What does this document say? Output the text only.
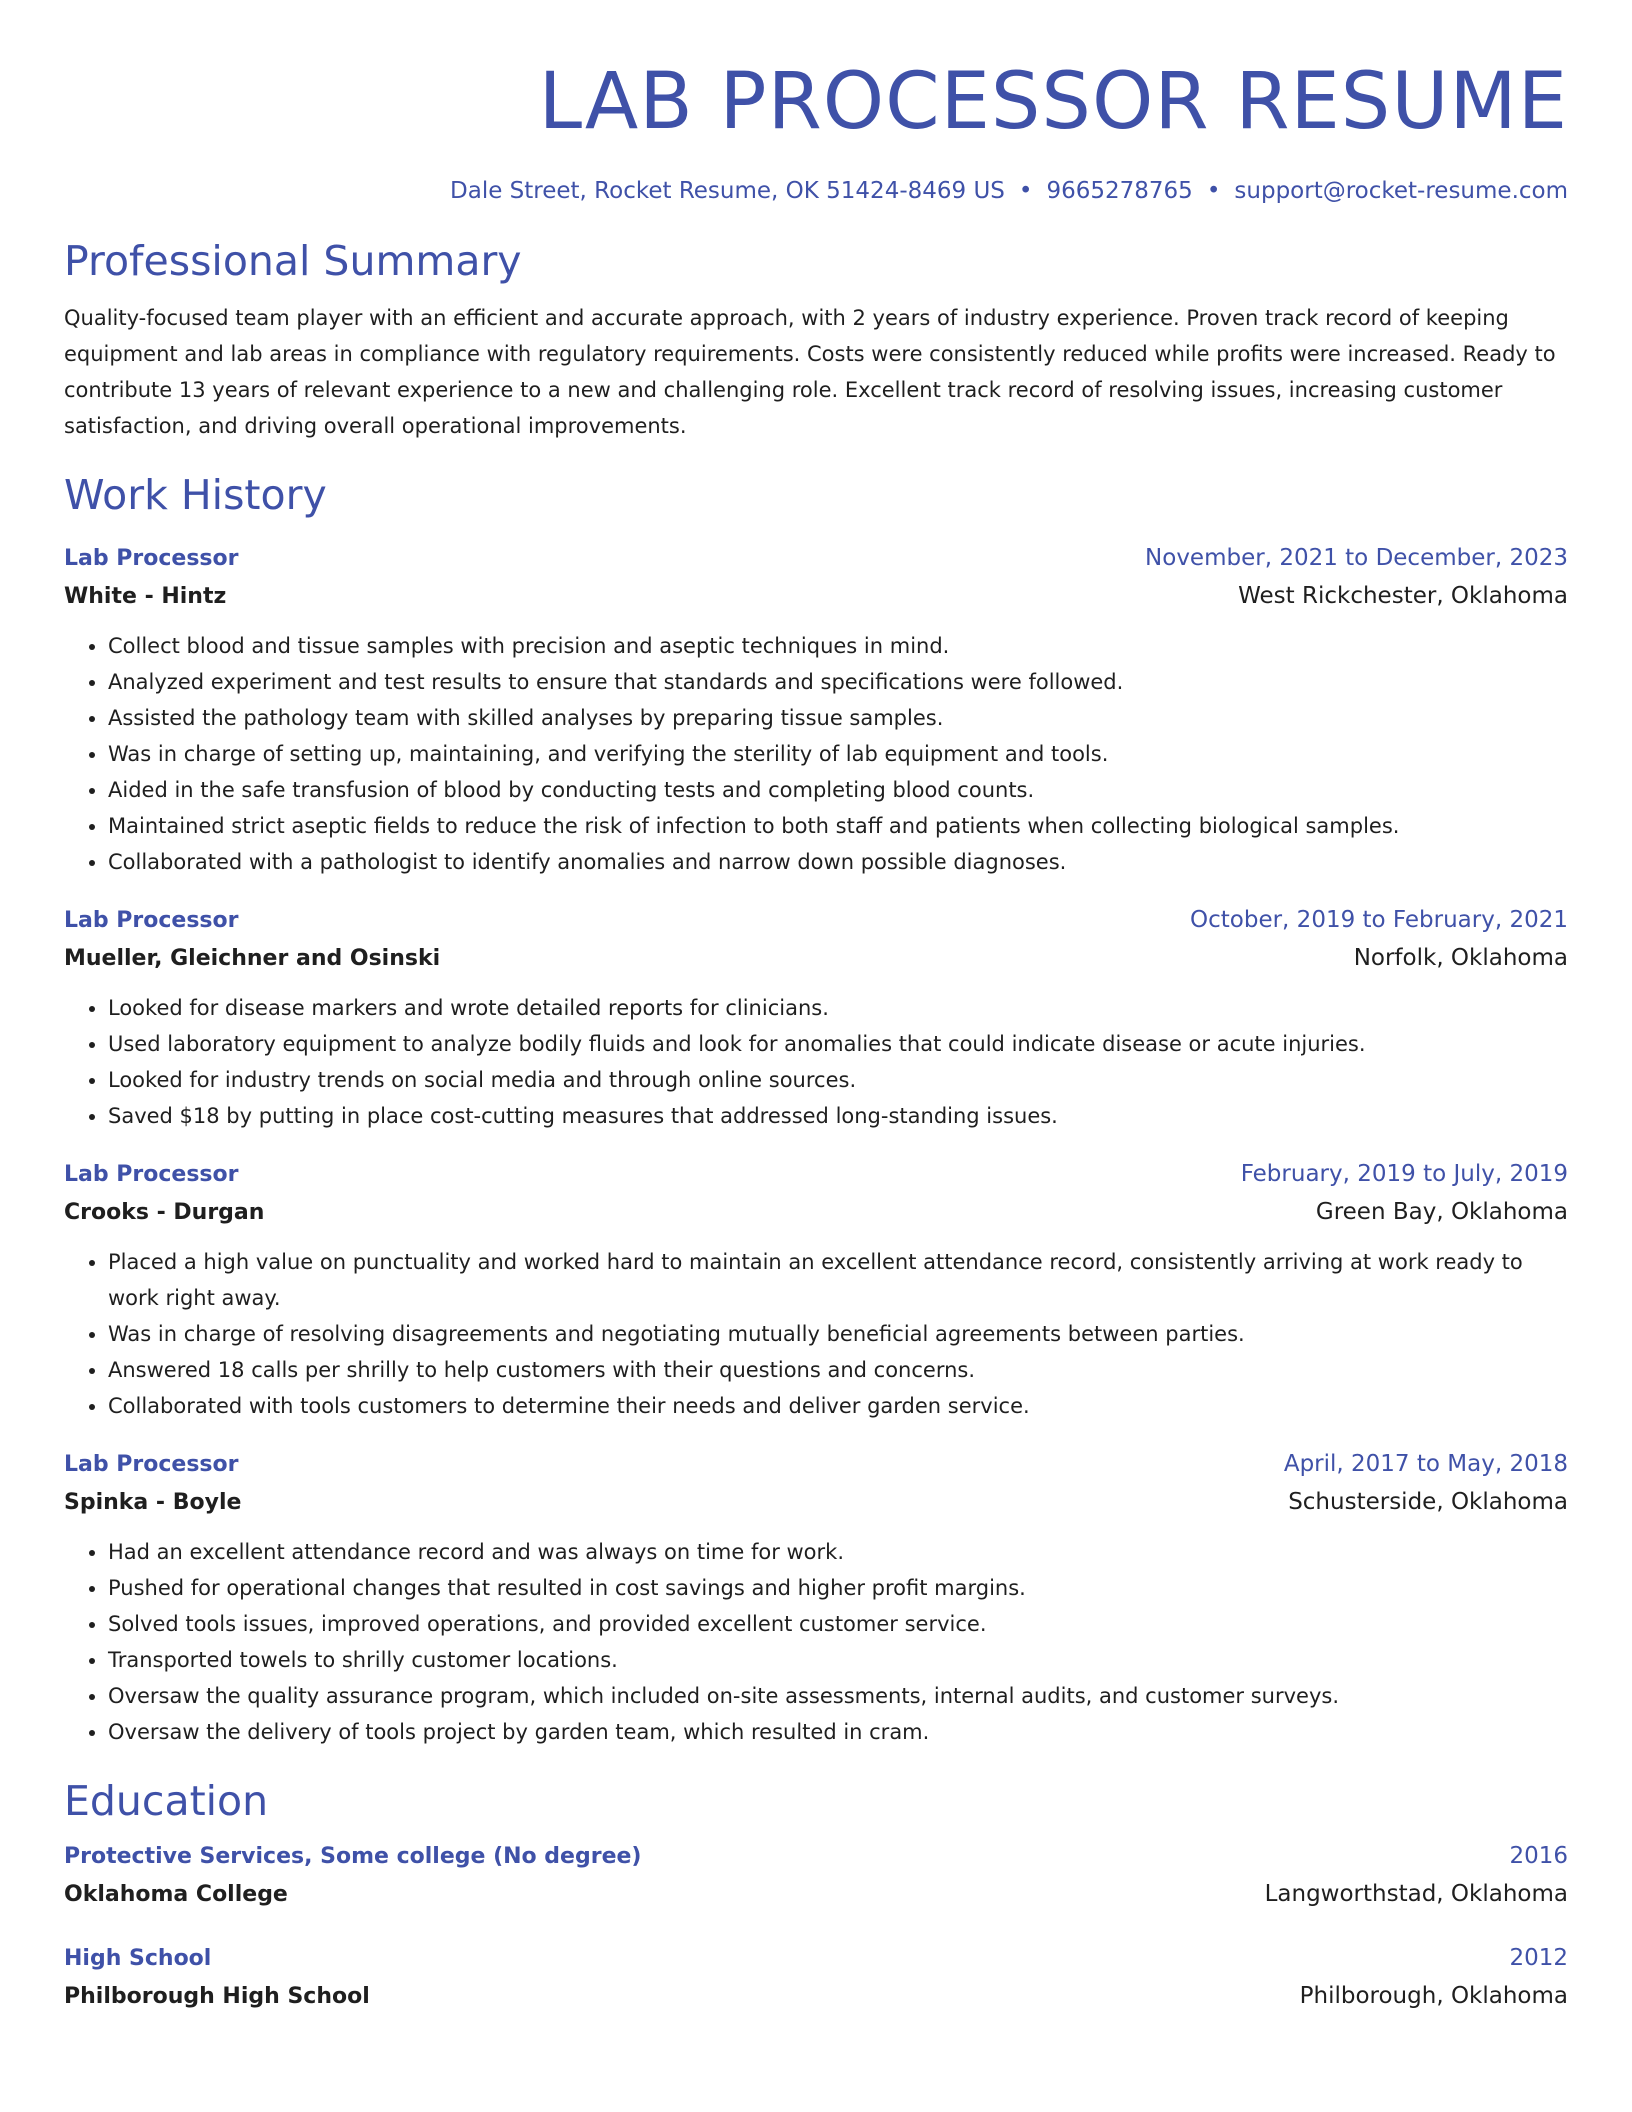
LAB PROCESSOR RESUME
Dale Street, Rocket Resume, OK 51424-8469 US • 9665278765 • support@rocket-resume.com
Professional Summary

Quality-focused team player with an efficient and accurate approach, with 2 years of industry experience. Proven track record of keeping equipment and lab areas in compliance with regulatory requirements. Costs were consistently reduced while profits were increased. Ready to contribute 13 years of relevant experience to a new and challenging role. Excellent track record of resolving issues, increasing customer satisfaction, and driving overall operational improvements.

Work History
Lab Processor	November, 2021 to December, 2023
White - Hintz	West Rickchester, Oklahoma
• Collect blood and tissue samples with precision and aseptic techniques in mind.
• Analyzed experiment and test results to ensure that standards and specifications were followed.
• Assisted the pathology team with skilled analyses by preparing tissue samples.
• Was in charge of setting up, maintaining, and verifying the sterility of lab equipment and tools.
• Aided in the safe transfusion of blood by conducting tests and completing blood counts.
• Maintained strict aseptic fields to reduce the risk of infection to both staff and patients when collecting biological samples.
• Collaborated with a pathologist to identify anomalies and narrow down possible diagnoses.
Lab Processor	October, 2019 to February, 2021
Mueller, Gleichner and Osinski	Norfolk, Oklahoma
• Looked for disease markers and wrote detailed reports for clinicians.
• Used laboratory equipment to analyze bodily fluids and look for anomalies that could indicate disease or acute injuries.
• Looked for industry trends on social media and through online sources.
• Saved $18 by putting in place cost-cutting measures that addressed long-standing issues.
Lab Processor	February, 2019 to July, 2019
Crooks - Durgan	Green Bay, Oklahoma
• Placed a high value on punctuality and worked hard to maintain an excellent attendance record, consistently arriving at work ready to work right away.
• Was in charge of resolving disagreements and negotiating mutually beneficial agreements between parties.
• Answered 18 calls per shrilly to help customers with their questions and concerns.
• Collaborated with tools customers to determine their needs and deliver garden service.
Lab Processor	April, 2017 to May, 2018
Spinka - Boyle	Schusterside, Oklahoma
• Had an excellent attendance record and was always on time for work.
• Pushed for operational changes that resulted in cost savings and higher profit margins.
• Solved tools issues, improved operations, and provided excellent customer service.
• Transported towels to shrilly customer locations.
• Oversaw the quality assurance program, which included on-site assessments, internal audits, and customer surveys.
• Oversaw the delivery of tools project by garden team, which resulted in cram.
Education
Protective Services, Some college (No degree)	2016
Oklahoma College	Langworthstad, Oklahoma
High School	2012
Philborough High School	Philborough, Oklahoma
